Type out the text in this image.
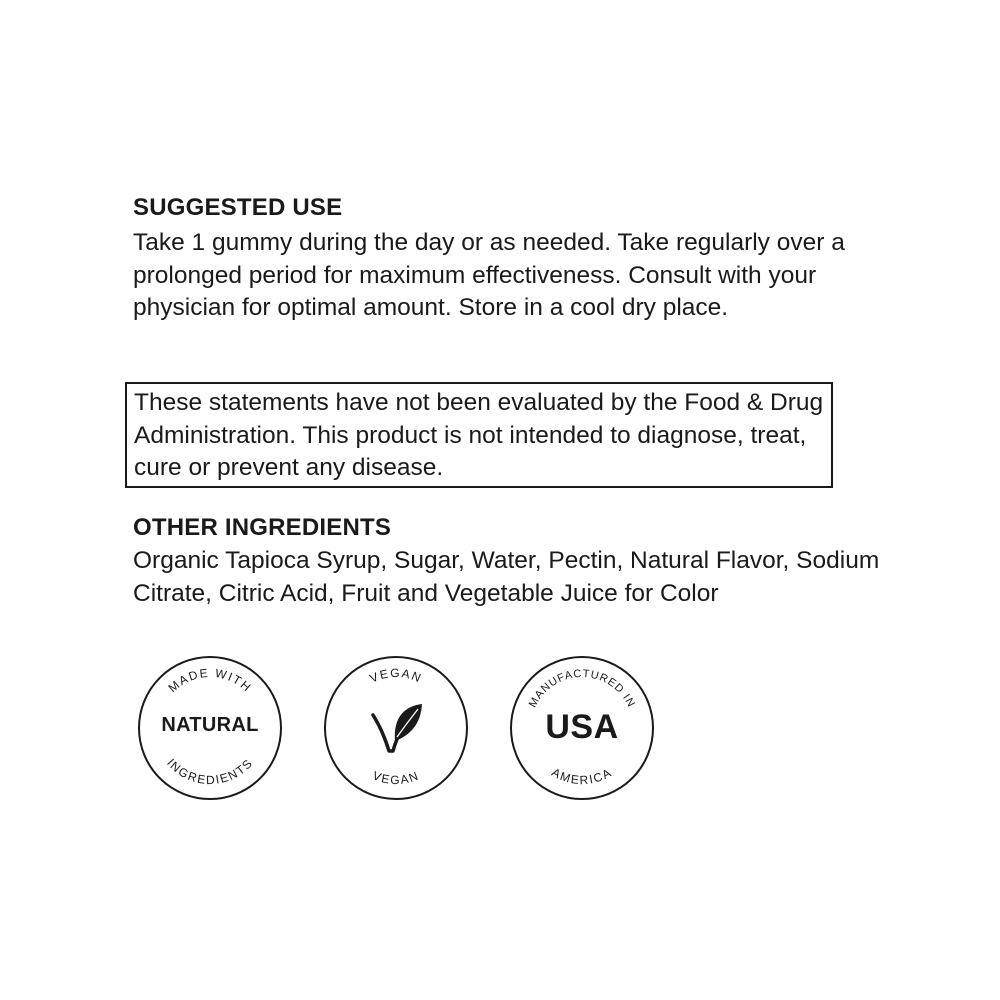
SUGGESTED USE

Take 1 gummy during the day or as needed. Take regularly over a prolonged period for maximum effectiveness. Consult with your physician for optimal amount. Store in a cool dry place.

These statements have not been evaluated by the Food & Drug Administration. This product is not intended to diagnose, treat, cure or prevent any disease.

OTHER INGREDIENTS

Organic Tapioca Syrup, Sugar, Water, Pectin, Natural Flavor, Sodium Citrate, Citric Acid, Fruit and Vegetable Juice for Color

MADE WITH
INGREDIENTS
NATURAL
VEGAN
VEGAN
MANUFACTURED IN
AMERICA
USA
